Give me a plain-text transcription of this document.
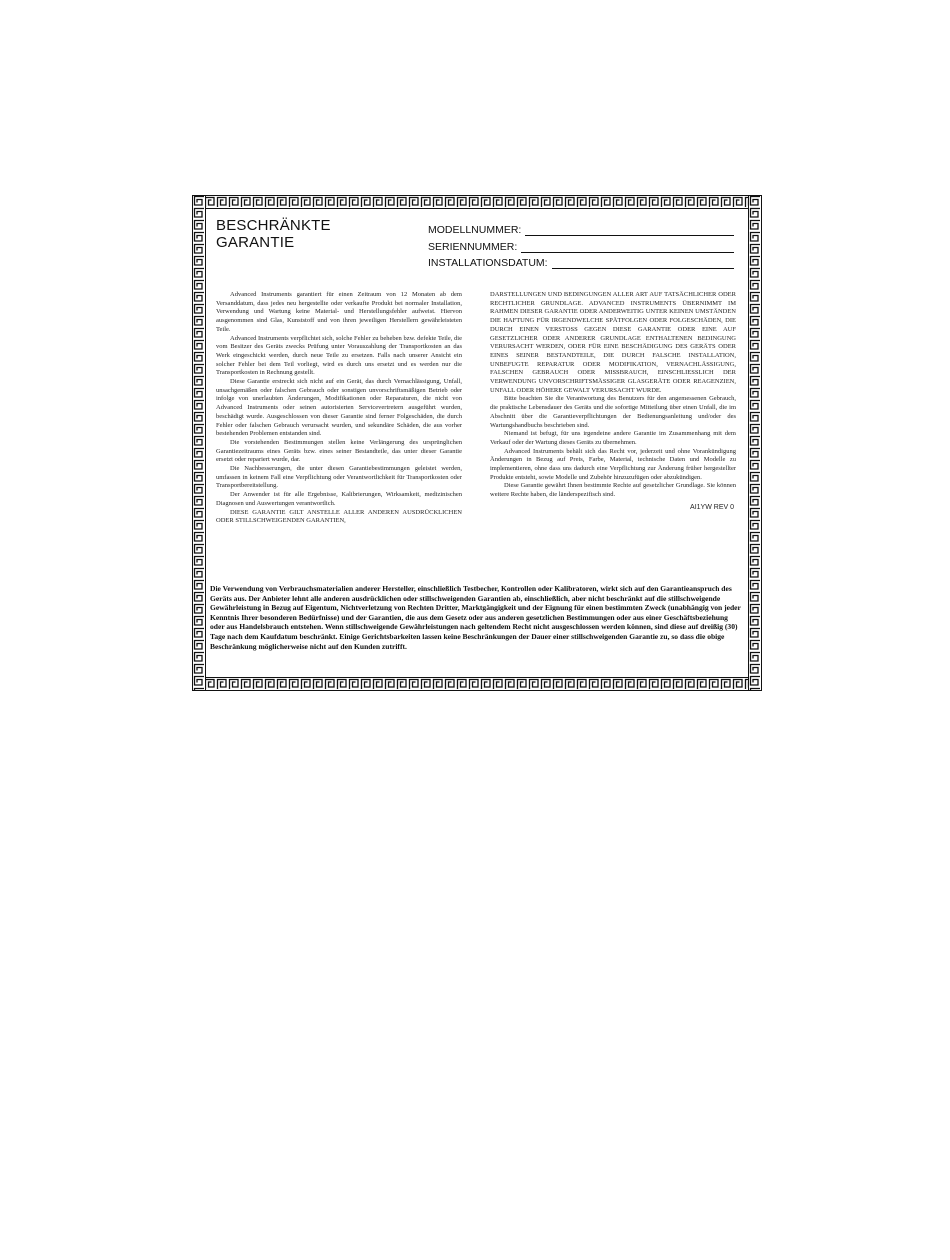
BESCHRÄNKTE
GARANTIE
MODELLNUMMER:
SERIENNUMMER:
INSTALLATIONSDATUM:

Advanced Instruments garantiert für einen Zeitraum von 12 Monaten ab dem Versanddatum, dass jedes neu hergestellte oder verkaufte Produkt bei normaler Installation, Verwendung und Wartung keine Material- und Herstellungsfehler aufweist. Hiervon ausgenommen sind Glas, Kunststoff und von ihren jeweiligen Herstellern gewährleisteten Teile.

Advanced Instruments verpflichtet sich, solche Fehler zu beheben bzw. defekte Teile, die vom Besitzer des Geräts zwecks Prüfung unter Vorauszahlung der Transportkosten an das Werk eingeschickt werden, durch neue Teile zu ersetzen. Falls nach unserer Ansicht ein solcher Fehler bei dem Teil vorliegt, wird es durch uns ersetzt und es werden nur die Transportkosten in Rechnung gestellt.

Diese Garantie erstreckt sich nicht auf ein Gerät, das durch Vernachlässigung, Unfall, unsachgemäßen oder falschen Gebrauch oder sonstigen unvorschriftsmäßigen Betrieb oder infolge von unerlaubten Änderungen, Modifikationen oder Reparaturen, die nicht von Advanced Instruments oder seinen autorisierten Servicevertretern ausgeführt wurden, beschädigt wurde. Ausgeschlossen von dieser Garantie sind ferner Folgeschäden, die durch Fehler oder falschen Gebrauch verursacht wurden, und sekundäre Schäden, die aus vorher bestehenden Problemen entstanden sind.

Die vorstehenden Bestimmungen stellen keine Verlängerung des ursprünglichen Garantiezeitraums eines Geräts bzw. eines seiner Bestandteile, das unter dieser Garantie ersetzt oder repariert wurde, dar.

Die Nachbesserungen, die unter diesen Garantiebestimmungen geleistet werden, umfassen in keinem Fall eine Verpflichtung oder Verantwortlichkeit für Transportkosten oder Transportbereitstellung.

Der Anwender ist für alle Ergebnisse, Kalibrierungen, Wirksamkeit, medizinischen Diagnosen und Auswertungen verantwortlich.

DIESE GARANTIE GILT ANSTELLE ALLER ANDEREN AUSDRÜCKLICHEN ODER STILLSCHWEIGENDEN GARANTIEN,

DARSTELLUNGEN UND BEDINGUNGEN ALLER ART AUF TATSÄCHLICHER ODER RECHTLICHER GRUNDLAGE. ADVANCED INSTRUMENTS ÜBERNIMMT IM RAHMEN DIESER GARANTIE ODER ANDERWEITIG UNTER KEINEN UMSTÄNDEN DIE HAFTUNG FÜR IRGENDWELCHE SPÄTFOLGEN ODER FOLGESCHÄDEN, DIE DURCH EINEN VERSTOSS GEGEN DIESE GARANTIE ODER EINE AUF GESETZLICHER ODER ANDERER GRUNDLAGE ENTHALTENEN BEDINGUNG VERURSACHT WERDEN, ODER FÜR EINE BESCHÄDIGUNG DES GERÄTS ODER EINES SEINER BESTANDTEILE, DIE DURCH FALSCHE INSTALLATION, UNBEFUGTE REPARATUR ODER MODIFIKATION, VERNACHLÄSSIGUNG, FALSCHEN GEBRAUCH ODER MISSBRAUCH, EINSCHLIESSLICH DER VERWENDUNG UNVORSCHRIFTSMÄSSIGER GLASGERÄTE ODER REAGENZIEN, UNFALL ODER HÖHERE GEWALT VERURSACHT WURDE.

Bitte beachten Sie die Verantwortung des Benutzers für den angemessenen Gebrauch, die praktische Lebensdauer des Geräts und die sofortige Mitteilung über einen Unfall, die im Abschnitt über die Garantieverpflichtungen der Bedienungsanleitung und/oder des Wartungshandbuchs beschrieben sind.

Niemand ist befugt, für uns irgendeine andere Garantie im Zusammenhang mit dem Verkauf oder der Wartung dieses Geräts zu übernehmen.

Advanced Instruments behält sich das Recht vor, jederzeit und ohne Vorankündigung Änderungen in Bezug auf Preis, Farbe, Material, technische Daten und Modelle zu implementieren, ohne dass uns dadurch eine Verpflichtung zur Änderung früher hergestellter Produkte entsteht, sowie Modelle und Zubehör hinzuzufügen oder abzukündigen.

Diese Garantie gewährt Ihnen bestimmte Rechte auf gesetzlicher Grundlage. Sie können weitere Rechte haben, die länderspezifisch sind.

AI1YW REV 0

Die Verwendung von Verbrauchsmaterialien anderer Hersteller, einschließlich Testbecher, Kontrollen oder Kalibratoren, wirkt sich auf den Garantieanspruch des Geräts aus. Der Anbieter lehnt alle anderen ausdrücklichen oder stillschweigenden Garantien ab, einschließlich, aber nicht beschränkt auf die stillschweigende Gewährleistung in Bezug auf Eigentum, Nichtverletzung von Rechten Dritter, Marktgängigkeit und der Eignung für einen bestimmten Zweck (unabhängig von jeder Kenntnis Ihrer besonderen Bedürfnisse) und der Garantien, die aus dem Gesetz oder aus anderen gesetzlichen Bestimmungen oder aus einer Geschäftsbeziehung oder aus Handelsbrauch entstehen. Wenn stillschweigende Gewährleistungen nach geltendem Recht nicht ausgeschlossen werden können, sind diese auf dreißig (30) Tage nach dem Kaufdatum beschränkt. Einige Gerichtsbarkeiten lassen keine Beschränkungen der Dauer einer stillschweigenden Garantie zu, so dass die obige Beschränkung möglicherweise nicht auf den Kunden zutrifft.
